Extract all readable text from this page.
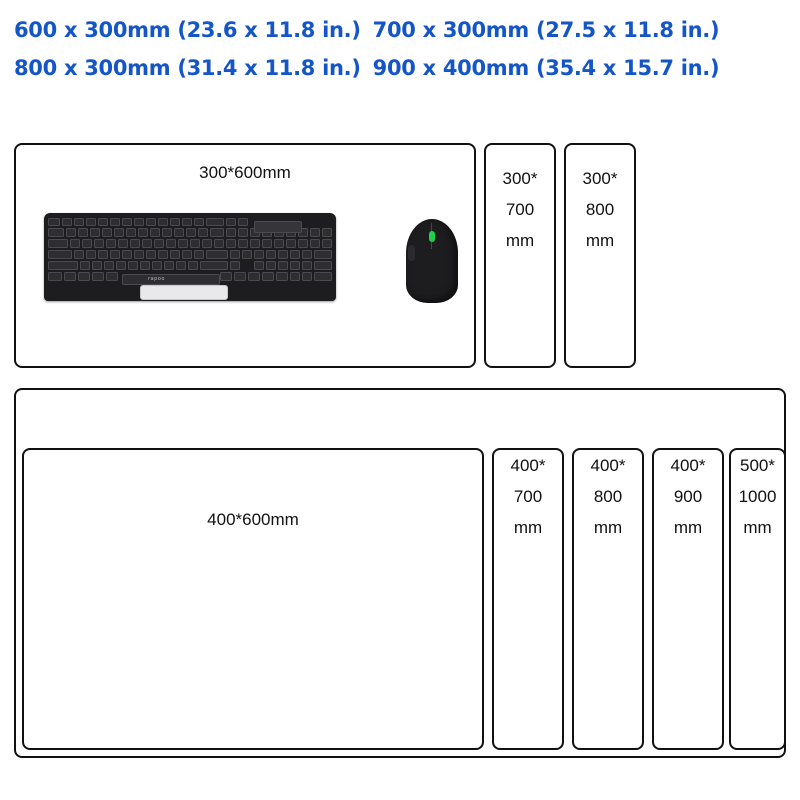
600 x 300mm (23.6 x 11.8 in.) 700 x 300mm (27.5 x 11.8 in.)
800 x 300mm (31.4 x 11.8 in.) 900 x 400mm (35.4 x 15.7 in.)
300*600mm
rapoo
300*
700
mm
300*
800
mm
400*600mm
400*
700
mm
400*
800
mm
400*
900
mm
500*
1000
mm
